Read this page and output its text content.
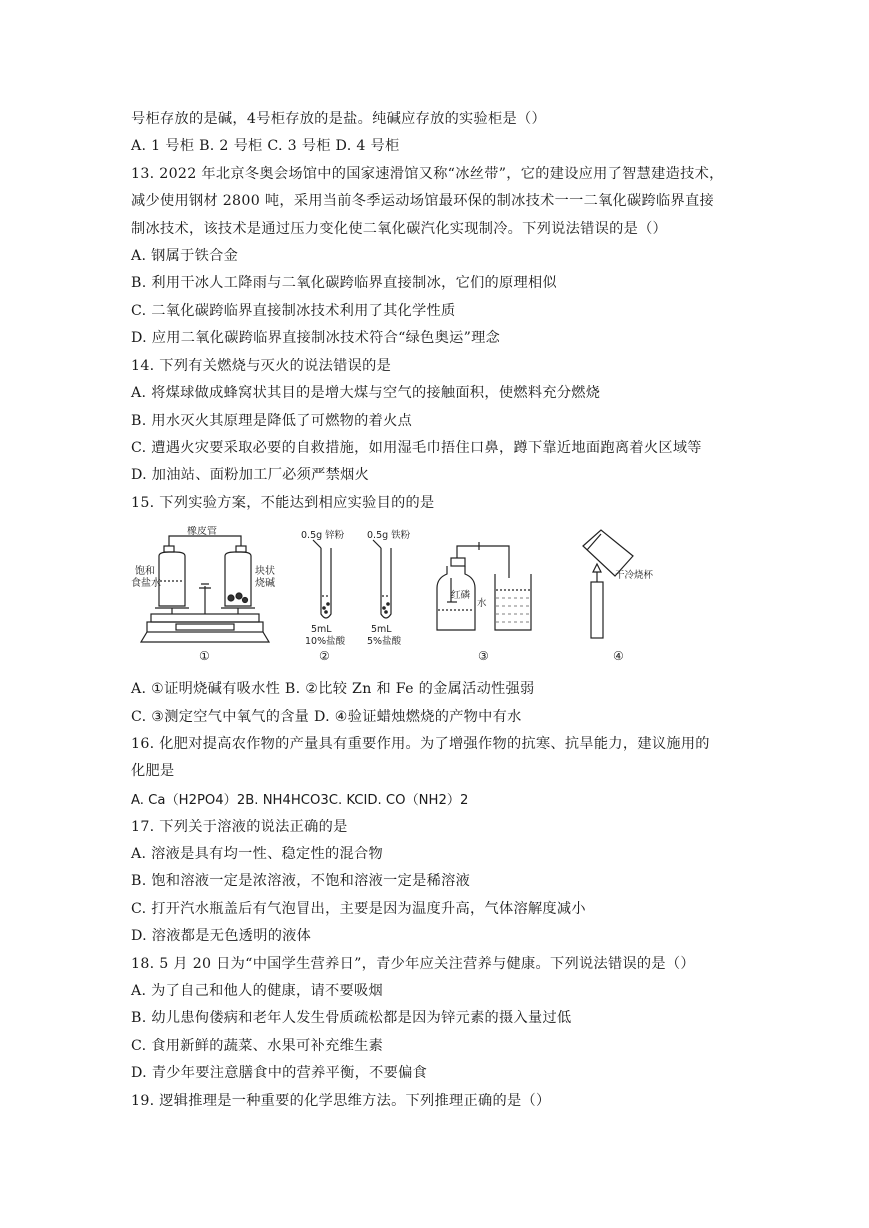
号柜存放的是碱，4号柜存放的是盐。纯碱应存放的实验柜是（）
A. 1 号柜 B. 2 号柜 C. 3 号柜 D. 4 号柜
13. 2022 年北京冬奥会场馆中的国家速滑馆又称“冰丝带”，它的建设应用了智慧建造技术，
减少使用钢材 2800 吨，采用当前冬季运动场馆最环保的制冰技术一一二氧化碳跨临界直接
制冰技术，该技术是通过压力变化使二氧化碳汽化实现制冷。下列说法错误的是（）
A. 钢属于铁合金
B. 利用干冰人工降雨与二氧化碳跨临界直接制冰，它们的原理相似
C. 二氧化碳跨临界直接制冰技术利用了其化学性质
D. 应用二氧化碳跨临界直接制冰技术符合“绿色奥运”理念
14. 下列有关燃烧与灭火的说法错误的是
A. 将煤球做成蜂窝状其目的是增大煤与空气的接触面积，使燃料充分燃烧
B. 用水灭火其原理是降低了可燃物的着火点
C. 遭遇火灾要采取必要的自救措施，如用湿毛巾捂住口鼻，蹲下靠近地面跑离着火区域等
D. 加油站、面粉加工厂必须严禁烟火
15. 下列实验方案，不能达到相应实验目的的是
橡皮管
饱和
食盐水
块状
烧碱
①
0.5g 锌粉 0.5g 铁粉
5mL
10%盐酸
5mL
5%盐酸
②
红磷
水
③
干冷烧杯
④
A. ①证明烧碱有吸水性 B. ②比较 Zn 和 Fe 的金属活动性强弱
C. ③测定空气中氧气的含量 D. ④验证蜡烛燃烧的产物中有水
16. 化肥对提高农作物的产量具有重要作用。为了增强作物的抗寒、抗旱能力，建议施用的
化肥是
A. Ca（H2PO4）2B. NH4HCO3C. KCID. CO（NH2）2
17. 下列关于溶液的说法正确的是
A. 溶液是具有均一性、稳定性的混合物
B. 饱和溶液一定是浓溶液，不饱和溶液一定是稀溶液
C. 打开汽水瓶盖后有气泡冒出，主要是因为温度升高，气体溶解度减小
D. 溶液都是无色透明的液体
18. 5 月 20 日为“中国学生营养日”，青少年应关注营养与健康。下列说法错误的是（）
A. 为了自己和他人的健康，请不要吸烟
B. 幼儿患佝偻病和老年人发生骨质疏松都是因为锌元素的摄入量过低
C. 食用新鲜的蔬菜、水果可补充维生素
D. 青少年要注意膳食中的营养平衡，不要偏食
19. 逻辑推理是一种重要的化学思维方法。下列推理正确的是（）
